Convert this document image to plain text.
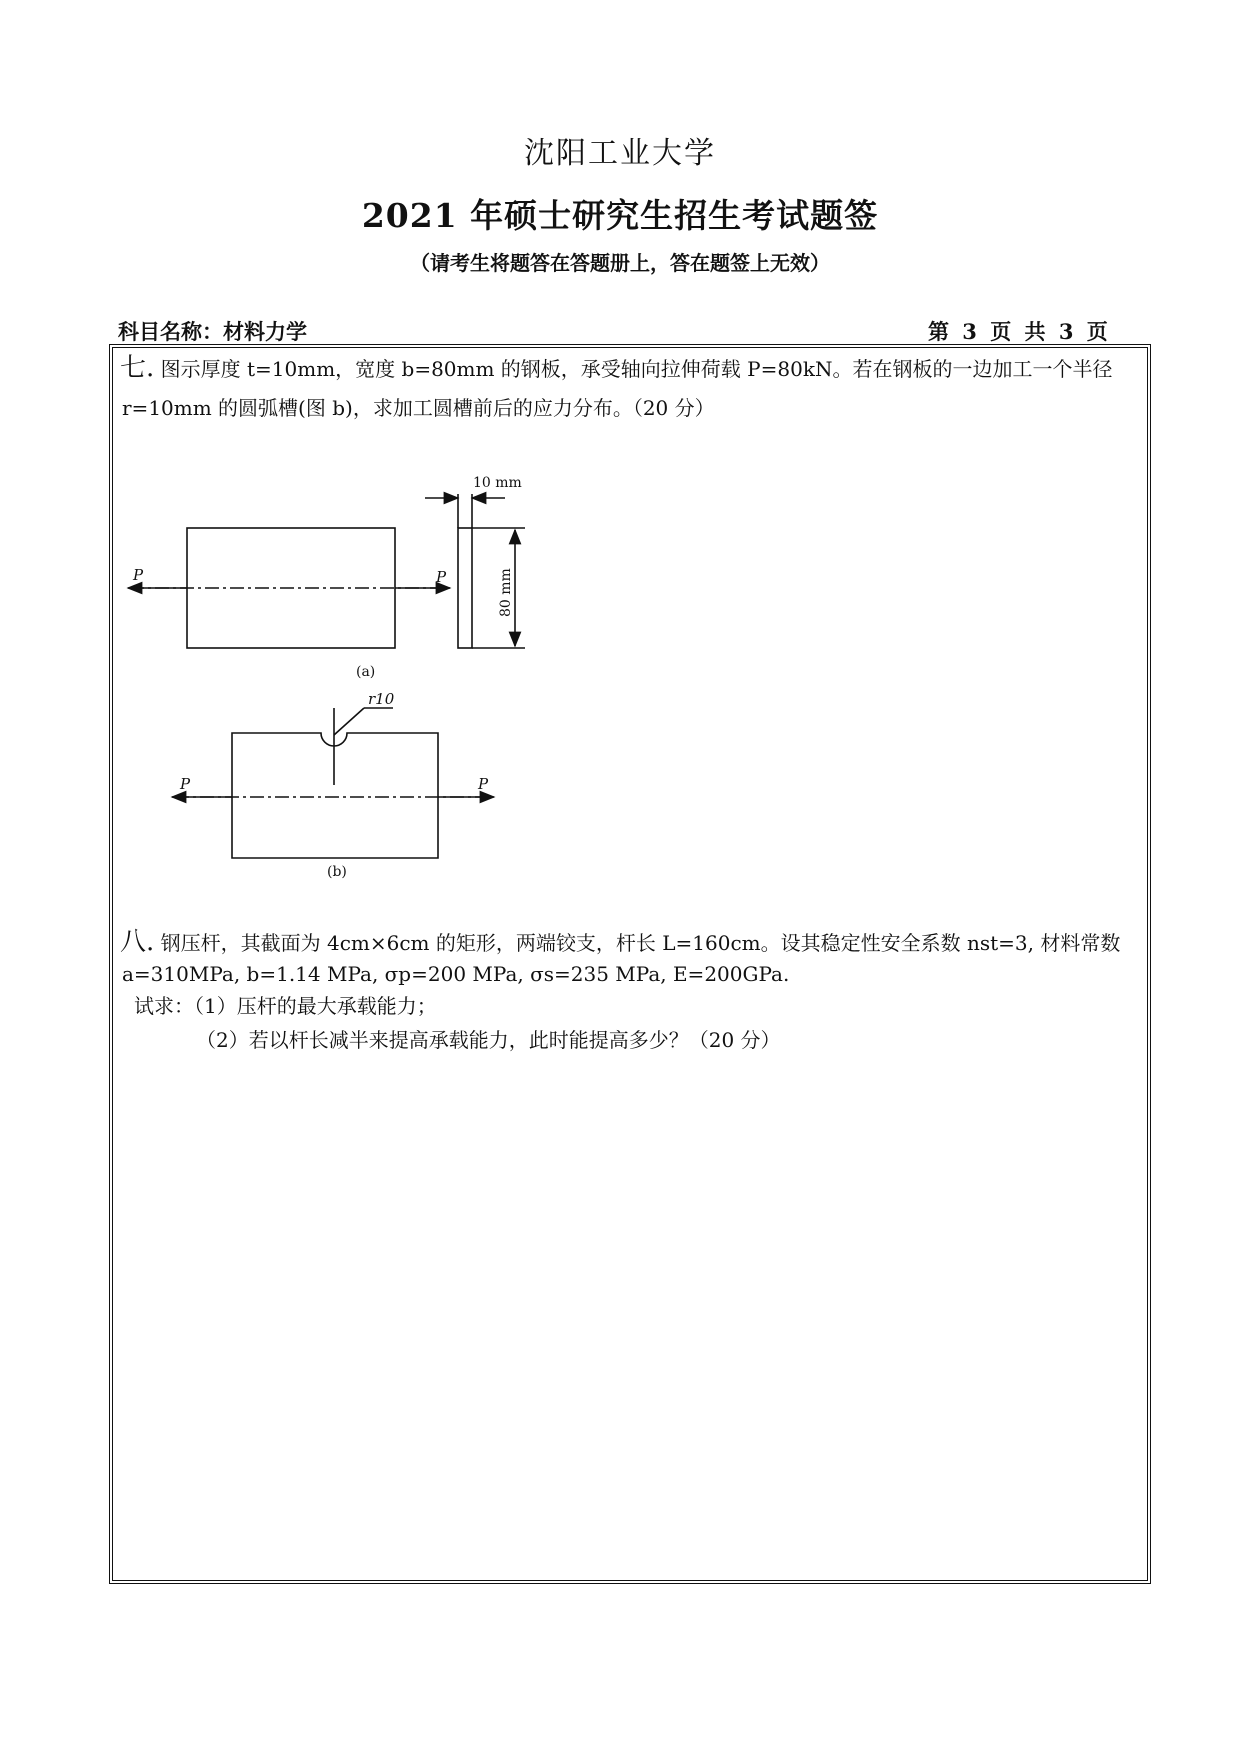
沈阳工业大学
2021 年硕士研究生招生考试题签
（请考生将题答在答题册上，答在题签上无效）
科目名称：材料力学	第 3 页 共 3 页
七. 图示厚度 t=10mm，宽度 b=80mm 的钢板，承受轴向拉伸荷载 P=80kN。若在钢板的一边加工一个半径
r=10mm 的圆弧槽(图 b)，求加工圆槽前后的应力分布。（20 分）
P	P
P	P
r10
10 mm
80 mm
(a)
(b)
八. 钢压杆，其截面为 4cm×6cm 的矩形，两端铰支，杆长 L=160cm。设其稳定性安全系数 nst=3, 材料常数
a=310MPa, b=1.14 MPa, σp=200 MPa, σs=235 MPa, E=200GPa.
试求：（1）压杆的最大承载能力；
（2）若以杆长减半来提高承载能力，此时能提高多少？（20 分）
